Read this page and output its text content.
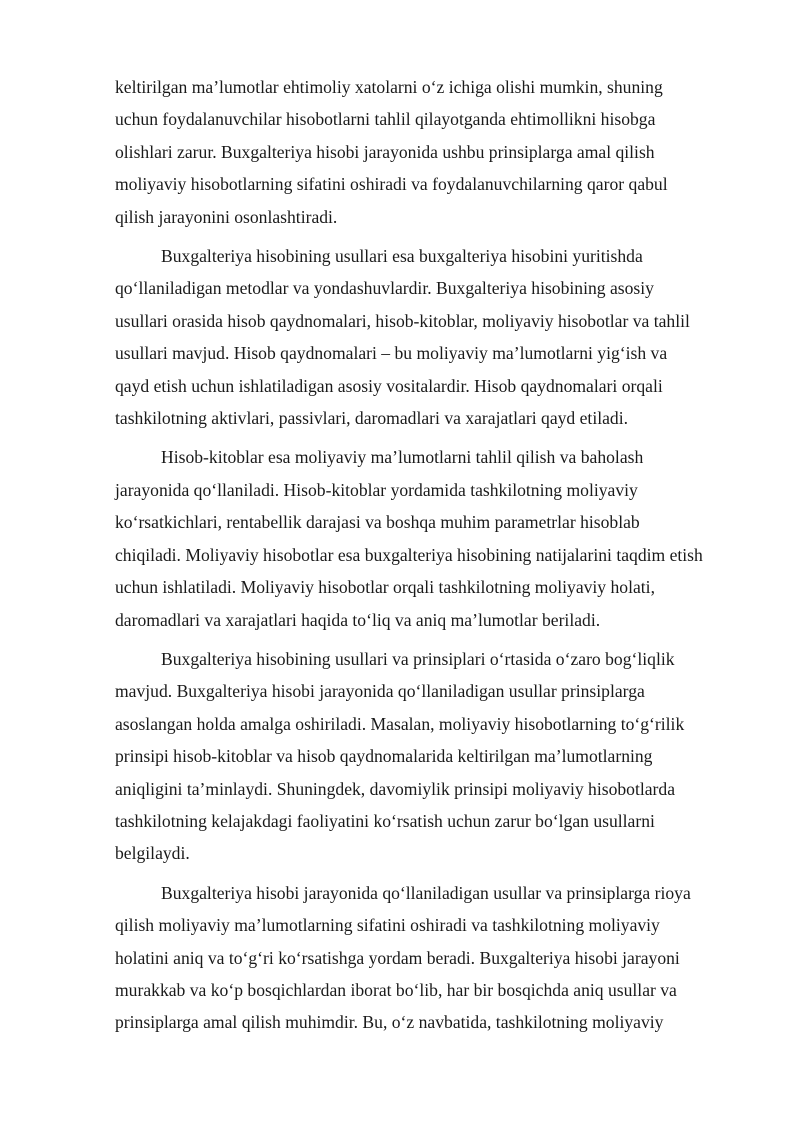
keltirilgan ma’lumotlar ehtimoliy xatolarni o‘z ichiga olishi mumkin, shuning
uchun foydalanuvchilar hisobotlarni tahlil qilayotganda ehtimollikni hisobga
olishlari zarur. Buxgalteriya hisobi jarayonida ushbu prinsiplarga amal qilish
moliyaviy hisobotlarning sifatini oshiradi va foydalanuvchilarning qaror qabul
qilish jarayonini osonlashtiradi.

Buxgalteriya hisobining usullari esa buxgalteriya hisobini yuritishda
qo‘llaniladigan metodlar va yondashuvlardir. Buxgalteriya hisobining asosiy
usullari orasida hisob qaydnomalari, hisob-kitoblar, moliyaviy hisobotlar va tahlil
usullari mavjud. Hisob qaydnomalari – bu moliyaviy ma’lumotlarni yig‘ish va
qayd etish uchun ishlatiladigan asosiy vositalardir. Hisob qaydnomalari orqali
tashkilotning aktivlari, passivlari, daromadlari va xarajatlari qayd etiladi.

Hisob-kitoblar esa moliyaviy ma’lumotlarni tahlil qilish va baholash
jarayonida qo‘llaniladi. Hisob-kitoblar yordamida tashkilotning moliyaviy
ko‘rsatkichlari, rentabellik darajasi va boshqa muhim parametrlar hisoblab
chiqiladi. Moliyaviy hisobotlar esa buxgalteriya hisobining natijalarini taqdim etish
uchun ishlatiladi. Moliyaviy hisobotlar orqali tashkilotning moliyaviy holati,
daromadlari va xarajatlari haqida to‘liq va aniq ma’lumotlar beriladi.

Buxgalteriya hisobining usullari va prinsiplari o‘rtasida o‘zaro bog‘liqlik
mavjud. Buxgalteriya hisobi jarayonida qo‘llaniladigan usullar prinsiplarga
asoslangan holda amalga oshiriladi. Masalan, moliyaviy hisobotlarning to‘g‘rilik
prinsipi hisob-kitoblar va hisob qaydnomalarida keltirilgan ma’lumotlarning
aniqligini ta’minlaydi. Shuningdek, davomiylik prinsipi moliyaviy hisobotlarda
tashkilotning kelajakdagi faoliyatini ko‘rsatish uchun zarur bo‘lgan usullarni
belgilaydi.

Buxgalteriya hisobi jarayonida qo‘llaniladigan usullar va prinsiplarga rioya
qilish moliyaviy ma’lumotlarning sifatini oshiradi va tashkilotning moliyaviy
holatini aniq va to‘g‘ri ko‘rsatishga yordam beradi. Buxgalteriya hisobi jarayoni
murakkab va ko‘p bosqichlardan iborat bo‘lib, har bir bosqichda aniq usullar va
prinsiplarga amal qilish muhimdir. Bu, o‘z navbatida, tashkilotning moliyaviy
